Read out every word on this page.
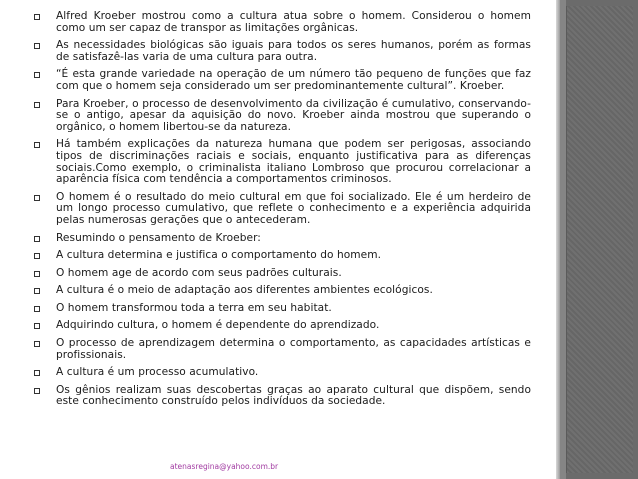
Alfred Kroeber mostrou como a cultura atua sobre o homem. Considerou o homem como um ser capaz de transpor as limitações orgânicas.
As necessidades biológicas são iguais para todos os seres humanos, porém as formas de satisfazê-las varia de uma cultura para outra.
“É esta grande variedade na operação de um número tão pequeno de funções que faz com que o homem seja considerado um ser predominantemente cultural”. Kroeber.
Para Kroeber, o processo de desenvolvimento da civilização é cumulativo, conservando-se o antigo, apesar da aquisição do novo. Kroeber ainda mostrou que superando o orgânico, o homem libertou-se da natureza.
Há também explicações da natureza humana que podem ser perigosas, associando tipos de discriminações raciais e sociais, enquanto justificativa para as diferenças sociais.Como exemplo, o criminalista italiano Lombroso que procurou correlacionar a aparência física com tendência a comportamentos criminosos.
O homem é o resultado do meio cultural em que foi socializado. Ele é um herdeiro de um longo processo cumulativo, que reflete o conhecimento e a experiência adquirida pelas numerosas gerações que o antecederam.
Resumindo o pensamento de Kroeber:
A cultura determina e justifica o comportamento do homem.
O homem age de acordo com seus padrões culturais.
A cultura é o meio de adaptação aos diferentes ambientes ecológicos.
O homem transformou toda a terra em seu habitat.
Adquirindo cultura, o homem é dependente do aprendizado.
O processo de aprendizagem determina o comportamento, as capacidades artísticas e profissionais.
A cultura é um processo acumulativo.
Os gênios realizam suas descobertas graças ao aparato cultural que dispõem, sendo este conhecimento construído pelos indivíduos da sociedade.
atenasregina@yahoo.com.br
